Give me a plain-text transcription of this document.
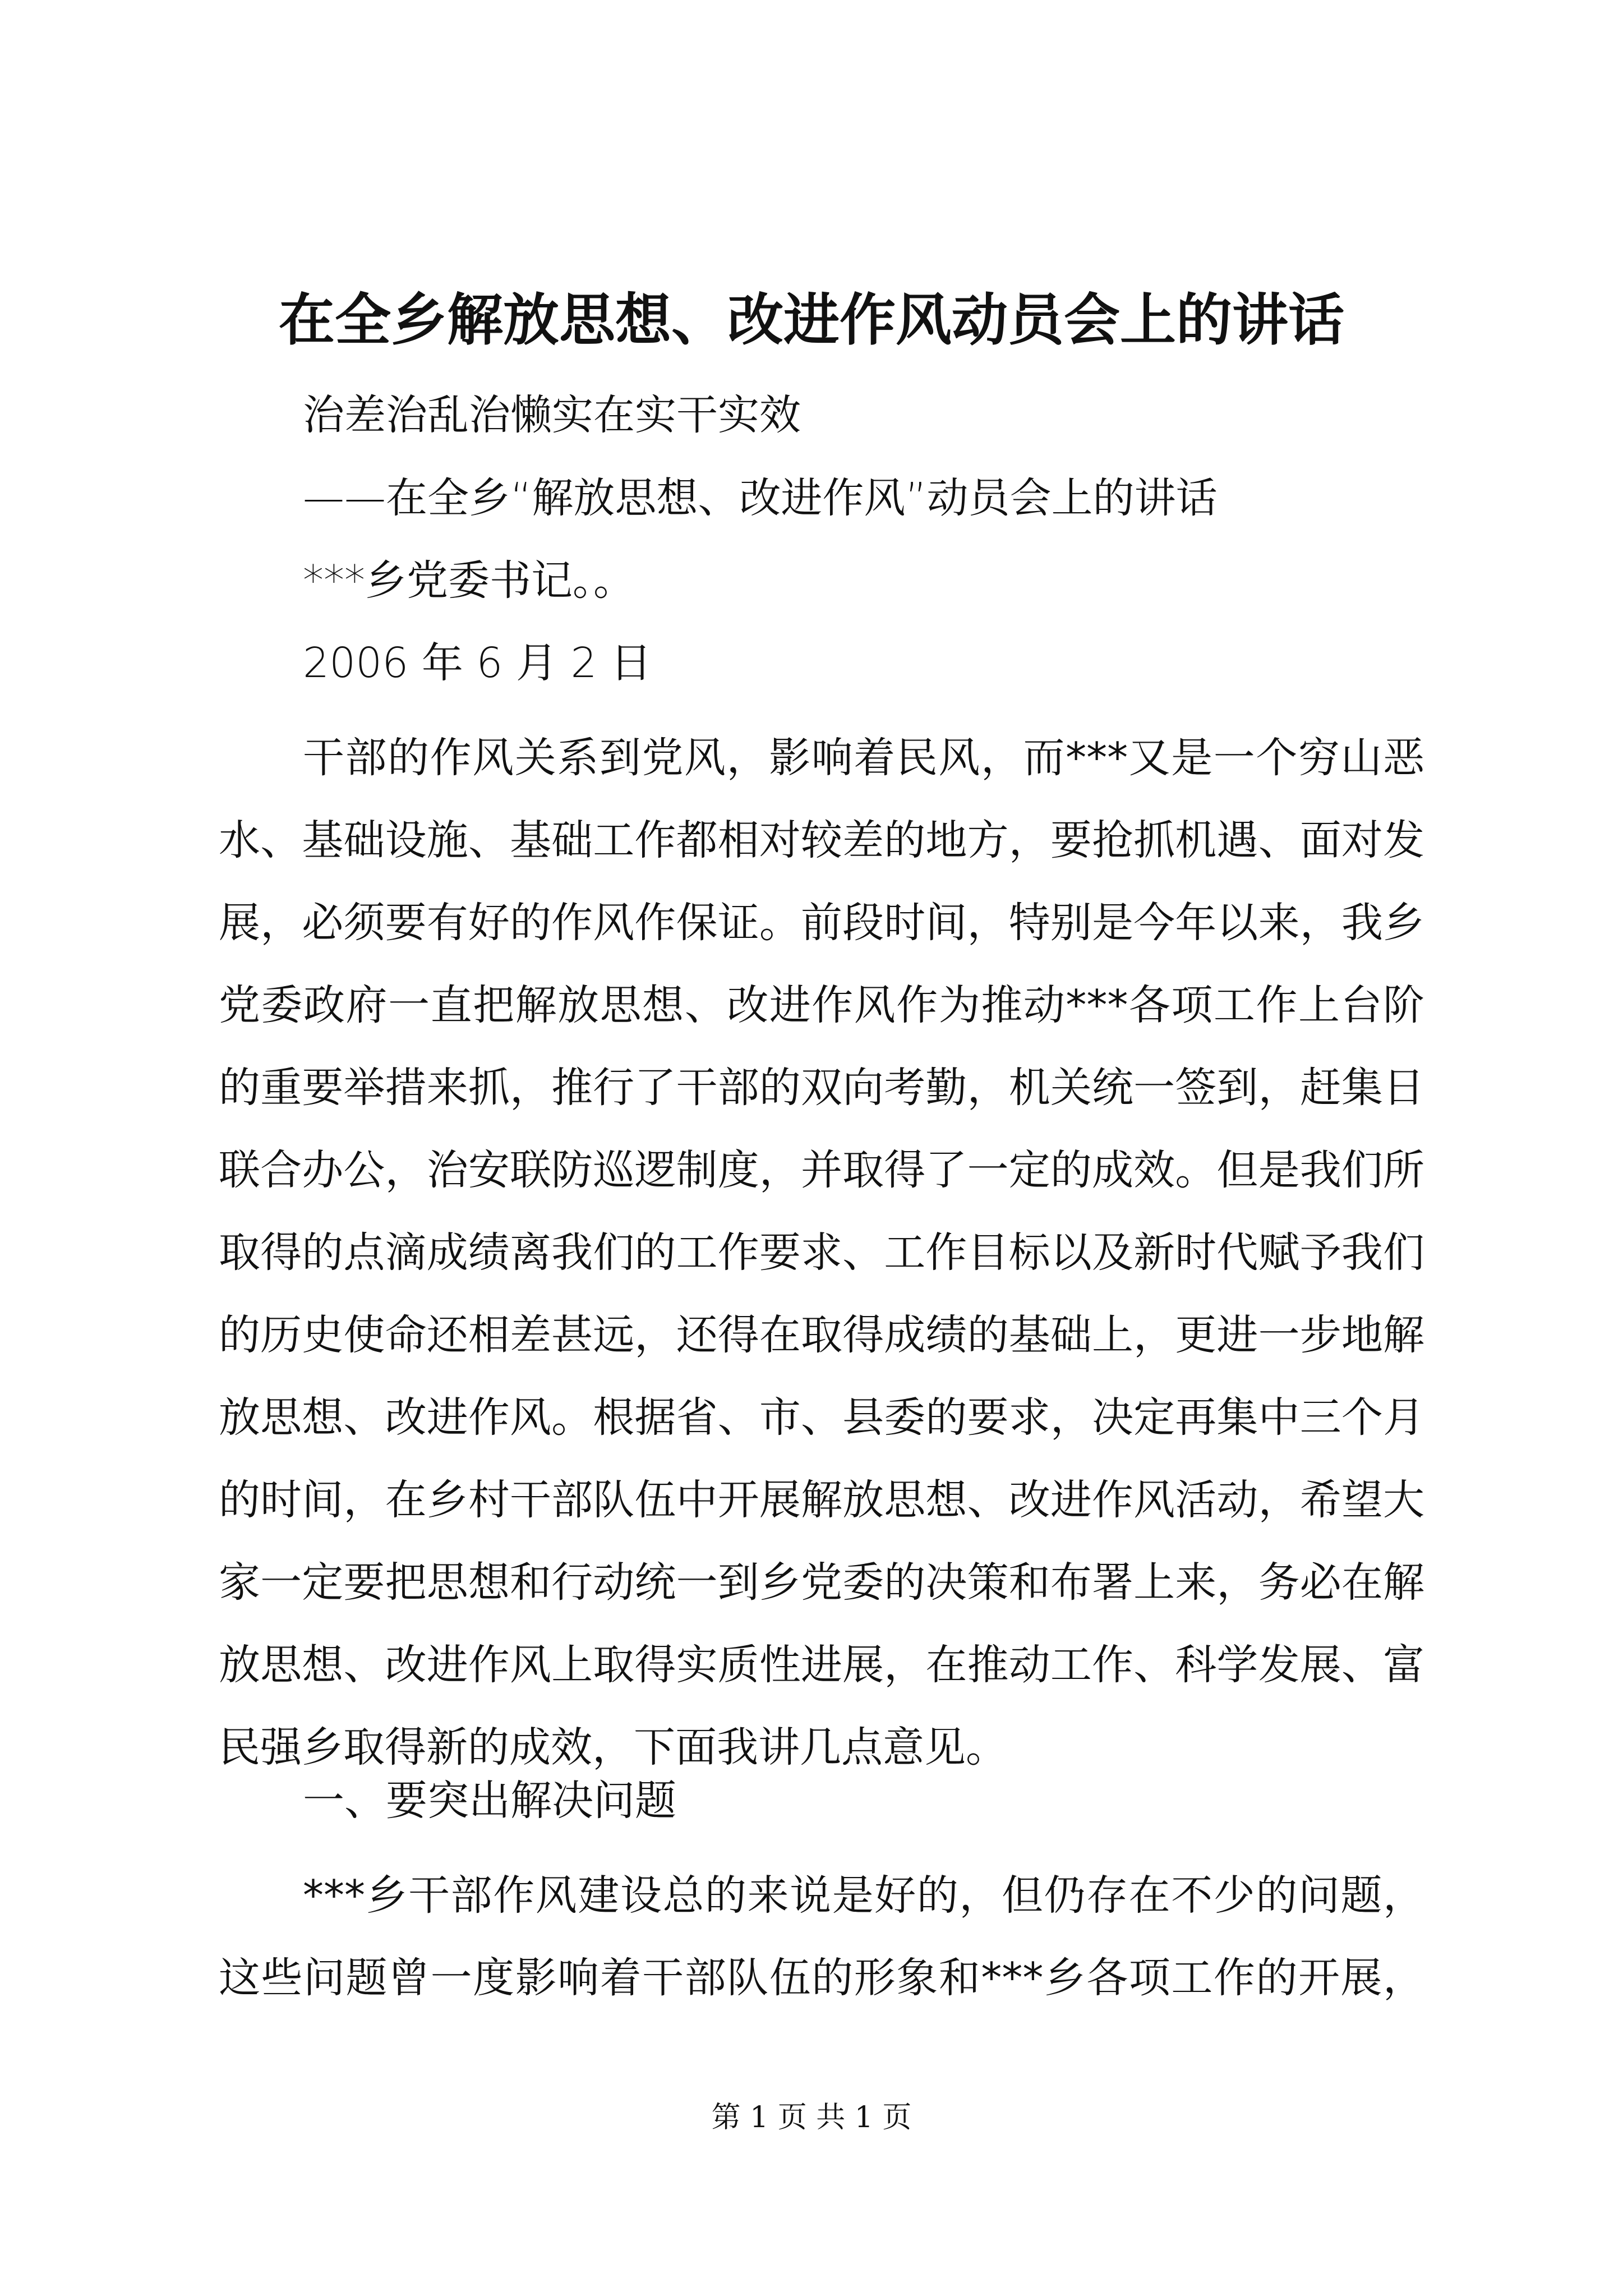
在全乡解放思想、改进作风动员会上的讲话
治差治乱治懒实在实干实效
——在全乡“解放思想、改进作风”动员会上的讲话
***乡党委书记。。
2006 年 6 月 2 日

干部的作风关系到党风，影响着民风，而***又是一个穷山恶水、基础设施、基础工作都相对较差的地方，要抢抓机遇、面对发展，必须要有好的作风作保证。前段时间，特别是今年以来，我乡党委政府一直把解放思想、改进作风作为推动***各项工作上台阶的重要举措来抓，推行了干部的双向考勤，机关统一签到，赶集日联合办公，治安联防巡逻制度，并取得了一定的成效。但是我们所取得的点滴成绩离我们的工作要求、工作目标以及新时代赋予我们的历史使命还相差甚远，还得在取得成绩的基础上，更进一步地解放思想、改进作风。根据省、市、县委的要求，决定再集中三个月的时间，在乡村干部队伍中开展解放思想、改进作风活动，希望大家一定要把思想和行动统一到乡党委的决策和布署上来，务必在解放思想、改进作风上取得实质性进展，在推动工作、科学发展、富民强乡取得新的成效，下面我讲几点意见。

一、要突出解决问题

***乡干部作风建设总的来说是好的，但仍存在不少的问题，这些问题曾一度影响着干部队伍的形象和***乡各项工作的开展，

第 1 页 共 1 页
